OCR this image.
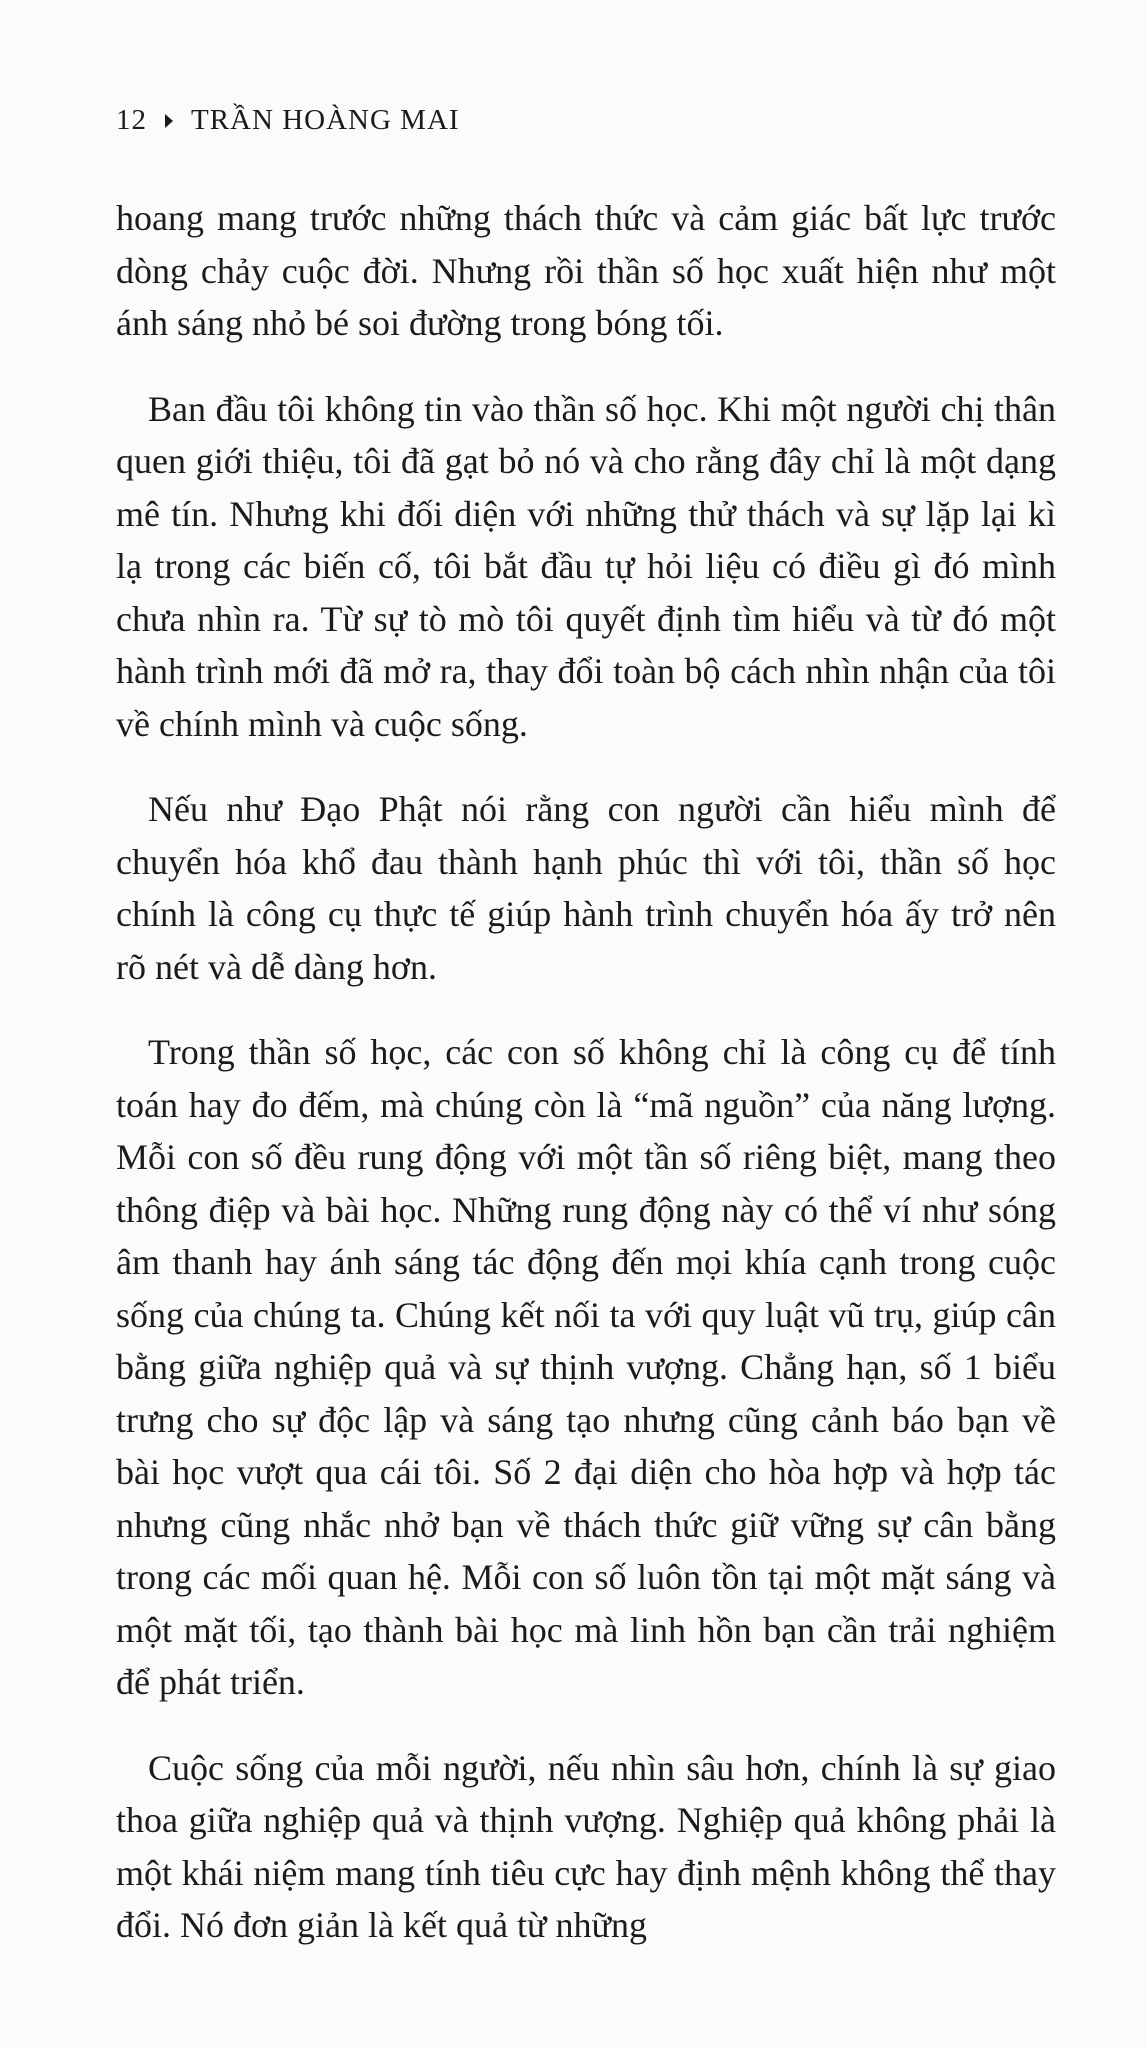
12 TRẦN HOÀNG MAI

hoang mang trước những thách thức và cảm giác bất lực trước dòng chảy cuộc đời. Nhưng rồi thần số học xuất hiện như một ánh sáng nhỏ bé soi đường trong bóng tối.

Ban đầu tôi không tin vào thần số học. Khi một người chị thân quen giới thiệu, tôi đã gạt bỏ nó và cho rằng đây chỉ là một dạng mê tín. Nhưng khi đối diện với những thử thách và sự lặp lại kì lạ trong các biến cố, tôi bắt đầu tự hỏi liệu có điều gì đó mình chưa nhìn ra. Từ sự tò mò tôi quyết định tìm hiểu và từ đó một hành trình mới đã mở ra, thay đổi toàn bộ cách nhìn nhận của tôi về chính mình và cuộc sống.

Nếu như Đạo Phật nói rằng con người cần hiểu mình để chuyển hóa khổ đau thành hạnh phúc thì với tôi, thần số học chính là công cụ thực tế giúp hành trình chuyển hóa ấy trở nên rõ nét và dễ dàng hơn.

Trong thần số học, các con số không chỉ là công cụ để tính toán hay đo đếm, mà chúng còn là “mã nguồn” của năng lượng. Mỗi con số đều rung động với một tần số riêng biệt, mang theo thông điệp và bài học. Những rung động này có thể ví như sóng âm thanh hay ánh sáng tác động đến mọi khía cạnh trong cuộc sống của chúng ta. Chúng kết nối ta với quy luật vũ trụ, giúp cân bằng giữa nghiệp quả và sự thịnh vượng. Chẳng hạn, số 1 biểu trưng cho sự độc lập và sáng tạo nhưng cũng cảnh báo bạn về bài học vượt qua cái tôi. Số 2 đại diện cho hòa hợp và hợp tác nhưng cũng nhắc nhở bạn về thách thức giữ vững sự cân bằng trong các mối quan hệ. Mỗi con số luôn tồn tại một mặt sáng và một mặt tối, tạo thành bài học mà linh hồn bạn cần trải nghiệm để phát triển.

Cuộc sống của mỗi người, nếu nhìn sâu hơn, chính là sự giao thoa giữa nghiệp quả và thịnh vượng. Nghiệp quả không phải là một khái niệm mang tính tiêu cực hay định mệnh không thể thay đổi. Nó đơn giản là kết quả từ những
